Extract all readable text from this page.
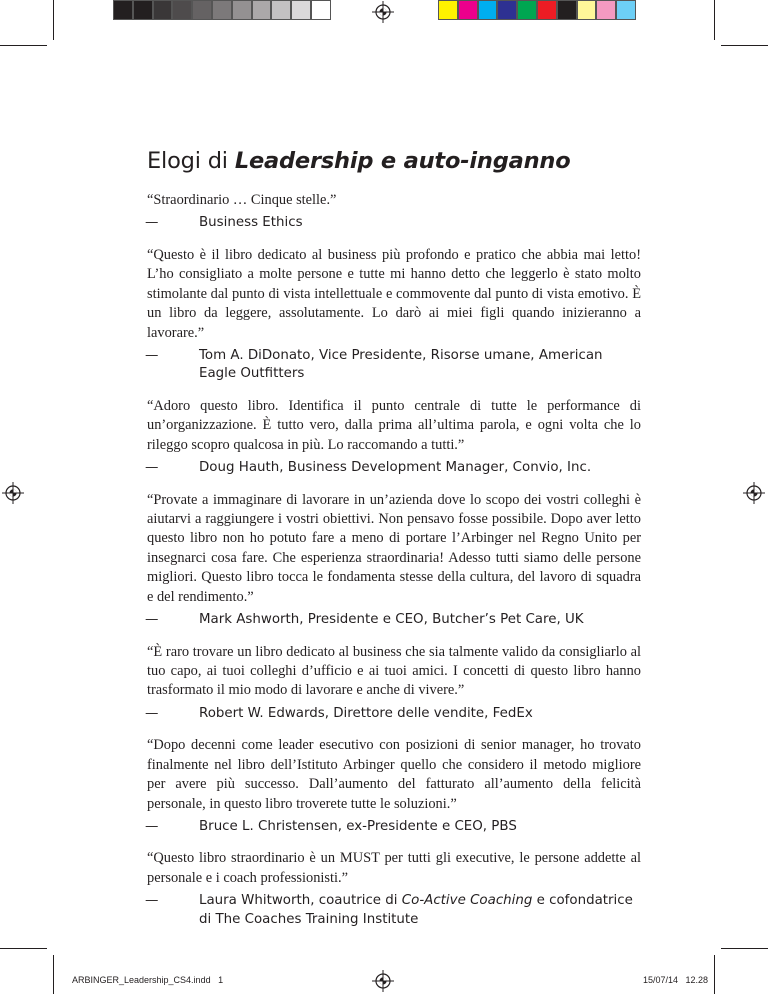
Elogi di Leadership e auto-inganno

“Straordinario … Cinque stelle.”

—	Business Ethics

“Questo è il libro dedicato al business più profondo e pratico che abbia mai letto! L’ho consigliato a molte persone e tutte mi hanno detto che leggerlo è stato molto stimolante dal punto di vista intellettuale e commovente dal punto di vista emotivo. È un libro da leggere, assolutamente. Lo darò ai miei figli quando inizieranno a lavorare.”

—	Tom A. DiDonato, Vice Presidente, Risorse umane, American Eagle Outfitters

“Adoro questo libro. Identifica il punto centrale di tutte le performance di un’organizzazione. È tutto vero, dalla prima all’ultima parola, e ogni volta che lo rileggo scopro qualcosa in più. Lo raccomando a tutti.”

—	Doug Hauth, Business Development Manager, Convio, Inc.

“Provate a immaginare di lavorare in un’azienda dove lo scopo dei vostri colleghi è aiutarvi a raggiungere i vostri obiettivi. Non pensavo fosse possibile. Dopo aver letto questo libro non ho potuto fare a meno di portare l’Arbinger nel Regno Unito per insegnarci cosa fare. Che esperienza straordinaria! Adesso tutti siamo delle persone migliori. Questo libro tocca le fondamenta stesse della cultura, del lavoro di squadra e del rendimento.”

—	Mark Ashworth, Presidente e CEO, Butcher’s Pet Care, UK

“È raro trovare un libro dedicato al business che sia talmente valido da consigliarlo al tuo capo, ai tuoi colleghi d’ufficio e ai tuoi amici. I concetti di questo libro hanno trasformato il mio modo di lavorare e anche di vivere.”

—	Robert W. Edwards, Direttore delle vendite, FedEx

“Dopo decenni come leader esecutivo con posizioni di senior manager, ho trovato finalmente nel libro dell’Istituto Arbinger quello che considero il metodo migliore per avere più successo. Dall’aumento del fatturato all’aumento della felicità personale, in questo libro troverete tutte le soluzioni.”

—	Bruce L. Christensen, ex-Presidente e CEO, PBS

“Questo libro straordinario è un MUST per tutti gli executive, le persone addette al personale e i coach professionisti.”

—	Laura Whitworth, coautrice di Co-Active Coaching e cofondatrice di The Coaches Training Institute

ARBINGER_Leadership_CS4.indd   1	15/07/14   12.28
